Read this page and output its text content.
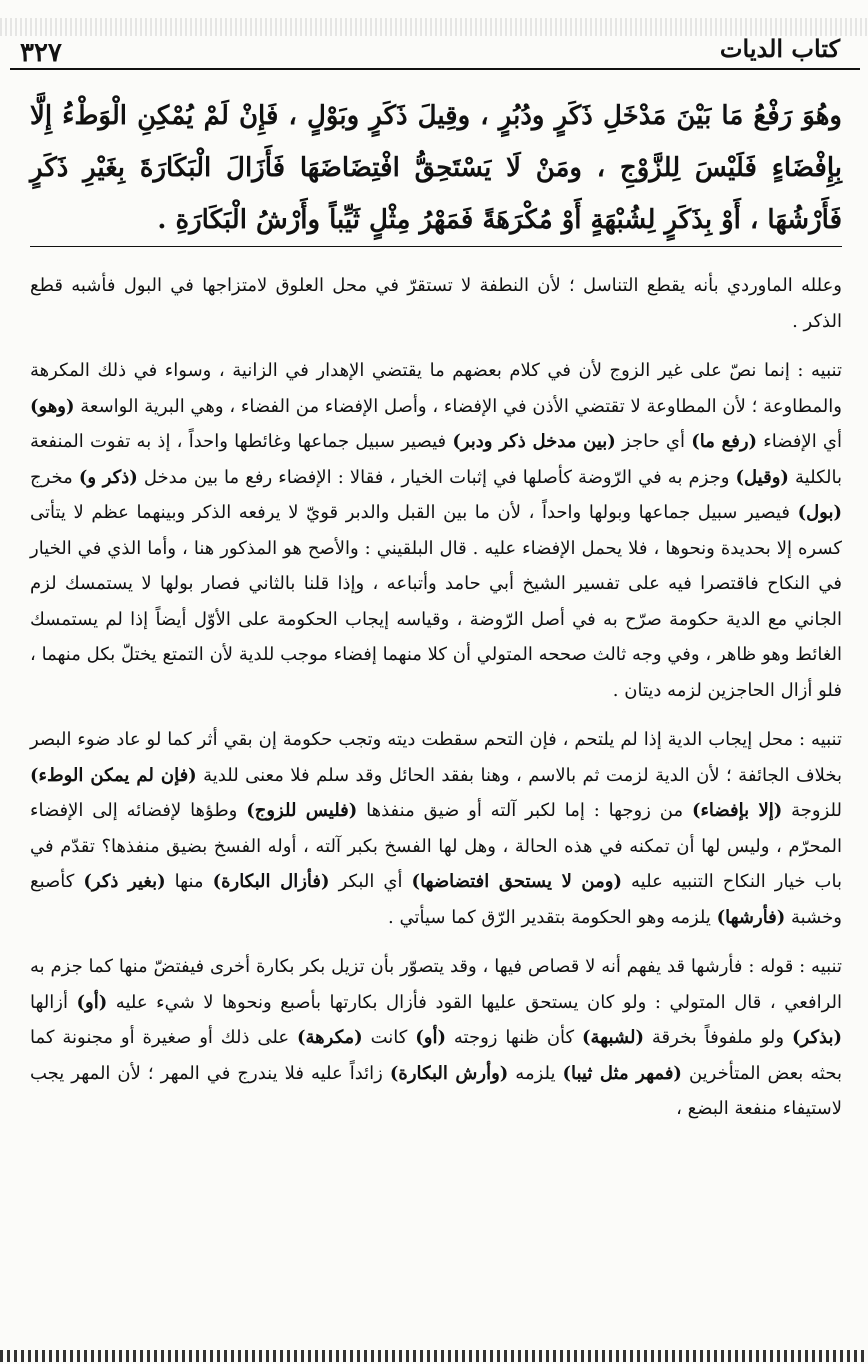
٣٢٧	كتاب الديات
وهُوَ رَفْعُ مَا بَيْنَ مَدْخَلِ ذَكَرٍ ودُبُرٍ ، وقِيلَ ذَكَرٍ وبَوْلٍ ، فَإِنْ لَمْ يُمْكِنِ الْوَطْءُ إِلَّا بِإِفْضَاءٍ فَلَيْسَ لِلزَّوْجِ ، ومَنْ لَا يَسْتَحِقُّ افْتِضَاضَهَا فَأَزَالَ الْبَكَارَةَ بِغَيْرِ ذَكَرٍ فَأَرْشُهَا ، أَوْ بِذَكَرٍ لِشُبْهَةٍ أَوْ مُكْرَهَةً فَمَهْرُ مِثْلٍ ثَيِّباً وأَرْشُ الْبَكَارَةِ .

وعلله الماوردي بأنه يقطع التناسل ؛ لأن النطفة لا تستقرّ في محل العلوق لامتزاجها في البول فأشبه قطع الذكر .

تنبيه : إنما نصّ على غير الزوج لأن في كلام بعضهم ما يقتضي الإهدار في الزانية ، وسواء في ذلك المكرهة والمطاوعة ؛ لأن المطاوعة لا تقتضي الأذن في الإفضاء ، وأصل الإفضاء من الفضاء ، وهي البرية الواسعة (وهو) أي الإفضاء (رفع ما) أي حاجز (بين مدخل ذكر ودبر) فيصير سبيل جماعها وغائطها واحداً ، إذ به تفوت المنفعة بالكلية (وقيل) وجزم به في الرّوضة كأصلها في إثبات الخيار ، فقالا : الإفضاء رفع ما بين مدخل (ذكر و) مخرج (بول) فيصير سبيل جماعها وبولها واحداً ، لأن ما بين القبل والدبر قويّ لا يرفعه الذكر وبينهما عظم لا يتأتى كسره إلا بحديدة ونحوها ، فلا يحمل الإفضاء عليه . قال البلقيني : والأصح هو المذكور هنا ، وأما الذي في الخيار في النكاح فاقتصرا فيه على تفسير الشيخ أبي حامد وأتباعه ، وإذا قلنا بالثاني فصار بولها لا يستمسك لزم الجاني مع الدية حكومة صرّح به في أصل الرّوضة ، وقياسه إيجاب الحكومة على الأوّل أيضاً إذا لم يستمسك الغائط وهو ظاهر ، وفي وجه ثالث صححه المتولي أن كلا منهما إفضاء موجب للدية لأن التمتع يختلّ بكل منهما ، فلو أزال الحاجزين لزمه ديتان .

تنبيه : محل إيجاب الدية إذا لم يلتحم ، فإن التحم سقطت ديته وتجب حكومة إن بقي أثر كما لو عاد ضوء البصر بخلاف الجائفة ؛ لأن الدية لزمت ثم بالاسم ، وهنا بفقد الحائل وقد سلم فلا معنى للدية (فإن لم يمكن الوطء) للزوجة (إلا بإفضاء) من زوجها : إما لكبر آلته أو ضيق منفذها (فليس للزوج) وطؤها لإفضائه إلى الإفضاء المحرّم ، وليس لها أن تمكنه في هذه الحالة ، وهل لها الفسخ بكبر آلته ، أوله الفسخ بضيق منفذها؟ تقدّم في باب خيار النكاح التنبيه عليه (ومن لا يستحق افتضاضها) أي البكر (فأزال البكارة) منها (بغير ذكر) كأصبع وخشبة (فأرشها) يلزمه وهو الحكومة بتقدير الرّق كما سيأتي .

تنبيه : قوله : فأرشها قد يفهم أنه لا قصاص فيها ، وقد يتصوّر بأن تزيل بكر بكارة أخرى فيفتضّ منها كما جزم به الرافعي ، قال المتولي : ولو كان يستحق عليها القود فأزال بكارتها بأصبع ونحوها لا شيء عليه (أو) أزالها (بذكر) ولو ملفوفاً بخرقة (لشبهة) كأن ظنها زوجته (أو) كانت (مكرهة) على ذلك أو صغيرة أو مجنونة كما بحثه بعض المتأخرين (فمهر مثل ثيبا) يلزمه (وأرش البكارة) زائداً عليه فلا يندرج في المهر ؛ لأن المهر يجب لاستيفاء منفعة البضع ،
